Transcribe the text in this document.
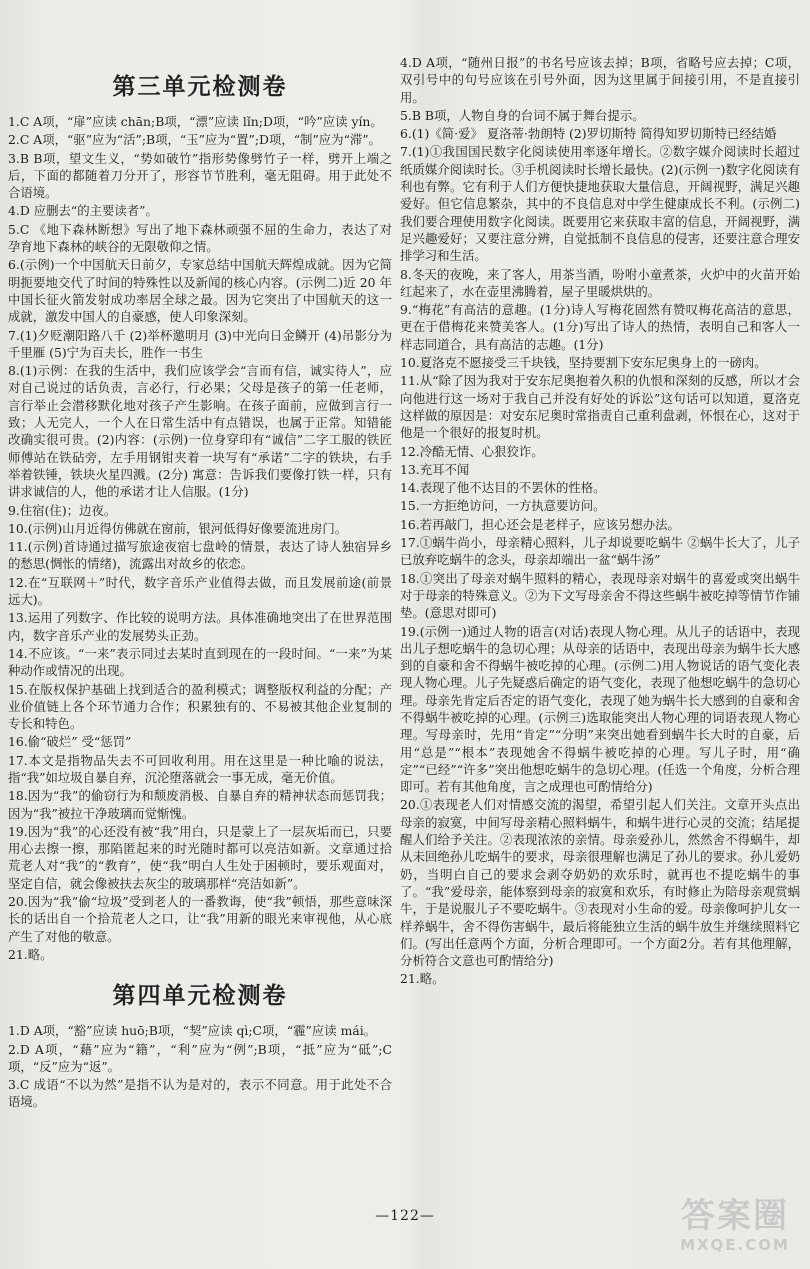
第三单元检测卷
1.C A项，“扉”应读 chān;B项，“漂”应读 lǐn;D项，“吟”应读 yín。
2.C A项，“驱”应为“活”;B项，“玉”应为“置”;D项，“制”应为“滞”。
3.B B项，望文生义，“势如破竹”指形势像劈竹子一样，劈开上端之后，下面的都随着刀分开了，形容节节胜利，毫无阻碍。用于此处不合语境。
4.D 应删去“的主要读者”。
5.C 《地下森林断想》写出了地下森林顽强不屈的生命力，表达了对孕育地下森林的峡谷的无限敬仰之情。
6.(示例)一个中国航天日前夕，专家总结中国航天辉煌成就。因为它简明扼要地交代了时间的特殊性以及新闻的核心内容。(示例二)近 20 年中国长征火箭发射成功率居全球之最。因为它突出了中国航天的这一成就，激发中国人的自豪感，使人印象深刻。
7.(1)夕贬潮阳路八千 (2)举杯邀明月 (3)中光向日金鳞开 (4)吊影分为千里雁 (5)宁为百夫长，胜作一书生
8.(1)示例：在我的生活中，我们应该学会“言而有信，诚实待人”，应对自己说过的话负责，言必行，行必果；父母是孩子的第一任老师，言行举止会潜移默化地对孩子产生影响。在孩子面前，应做到言行一致；人无完人，一个人在日常生活中有点错误，也属于正常。知错能改确实很可贵。(2)内容：(示例)一位身穿印有“诚信”二字工服的铁匠师傅站在铁砧旁，左手用钢钳夹着一块写有“承诺”二字的铁块，右手举着铁锤，铁块火星四溅。(2分) 寓意：告诉我们要像打铁一样，只有讲求诚信的人，他的承诺才让人信服。(1分)
9.住宿(住)；边夜。
10.(示例)山月近得仿佛就在窗前，银河低得好像要流进房门。
11.(示例)首诗通过描写旅途夜宿七盘岭的情景，表达了诗人独宿异乡的愁思(惆怅的情绪)，流露出对故乡的依恋。
12.在“互联网＋”时代，数字音乐产业值得去做，而且发展前途(前景远大)。
13.运用了列数字、作比较的说明方法。具体准确地突出了在世界范围内，数字音乐产业的发展势头正劲。
14.不应该。“一来”表示同过去某时直到现在的一段时间。“一来”为某种动作或情况的出现。
15.在版权保护基础上找到适合的盈利模式；调整版权利益的分配；产业价值链上各个环节通力合作；积累独有的、不易被其他企业复制的专长和特色。
16.偷“破烂” 受“惩罚”
17.本文是指物品失去不可回收利用。用在这里是一种比喻的说法，指“我”如垃圾自暴自弃，沉沦堕落就会一事无成，毫无价值。
18.因为“我”的偷窃行为和颓废消极、自暴自弃的精神状态而惩罚我；因为“我”被拉干净玻璃而觉惭愧。
19.因为“我”的心还没有被“我”用白，只是蒙上了一层灰垢而已，只要用心去擦一擦，那陷匿起来的时光随时都可以亮洁如新。文章通过拾荒老人对“我”的“教育”，使“我”明白人生处于困顿时，要乐观面对，坚定自信，就会像被扶去灰尘的玻璃那样“亮洁如新”。
20.因为“我”偷“垃圾”受到老人的一番教诲，使“我”顿悟，那些意味深长的话出自一个拾荒老人之口，让“我”用新的眼光来审视他，从心底产生了对他的敬意。
21.略。
第四单元检测卷
1.D A项，“豁”应读 huō;B项，“契”应读 qì;C项，“霾”应读 mái。
2.D A项，“藉”应为“籍”，“利”应为“例”;B项，“抵”应为“砥”;C项，“反”应为“返”。
3.C 成语“不以为然”是指不认为是对的，表示不同意。用于此处不合语境。
4.D A项，“随州日报”的书名号应该去掉；B项，省略号应去掉；C项，双引号中的句号应该在引号外面，因为这里属于间接引用，不是直接引用。
5.B B项，人物自身的台词不属于舞台提示。
6.(1)《简·爱》 夏洛蒂·勃朗特 (2)罗切斯特 简得知罗切斯特已经结婚
7.(1)①我国国民数字化阅读使用率逐年增长。②数字媒介阅读时长超过纸质媒介阅读时长。③手机阅读时长增长最快。(2)(示例一)数字化阅读有利也有弊。它有利于人们方便快捷地获取大量信息，开阔视野，满足兴趣爱好。但它信息繁杂，其中的不良信息对中学生健康成长不利。(示例二)我们要合理使用数字化阅读。既要用它来获取丰富的信息，开阔视野，满足兴趣爱好；又要注意分辨，自觉抵制不良信息的侵害，还要注意合理安排学习和生活。
8.冬天的夜晚，来了客人，用茶当酒，吩咐小童煮茶，火炉中的火苗开始红起来了，水在壶里沸腾着，屋子里暖烘烘的。
9.“梅花”有高洁的意趣。(1分)诗人写梅花固然有赞叹梅花高洁的意思，更在于借梅花来赞美客人。(1分)写出了诗人的热情，表明自己和客人一样志同道合，具有高洁的志趣。(1分)
10.夏洛克不愿接受三千块钱，坚持要割下安东尼奥身上的一磅肉。
11.从“除了因为我对于安东尼奥抱着久积的仇恨和深刻的反感，所以才会向他进行这一场对于我自己并没有好处的诉讼”这句话可以知道，夏洛克这样做的原因是：对安东尼奥时常指责自己重利盘剥，怀恨在心，这对于他是一个很好的报复时机。
12.冷酷无情、心狠狡诈。
13.充耳不闻
14.表现了他不达目的不罢休的性格。
15.一方拒绝访问，一方执意要访问。
16.若再敲门，担心还会是老样子，应该另想办法。
17.①蜗牛尚小，母亲精心照料，儿子却说要吃蜗牛 ②蜗牛长大了，儿子已放弃吃蜗牛的念头，母亲却端出一盆“蜗牛汤”
18.①突出了母亲对蜗牛照料的精心，表现母亲对蜗牛的喜爱或突出蜗牛对于母亲的特殊意义。②为下文写母亲舍不得这些蜗牛被吃掉等情节作铺垫。(意思对即可)
19.(示例一)通过人物的语言(对话)表现人物心理。从儿子的话语中，表现出儿子想吃蜗牛的急切心理；从母亲的话语中，表现出母亲为蜗牛长大感到的自豪和舍不得蜗牛被吃掉的心理。(示例二)用人物说话的语气变化表现人物心理。儿子先疑惑后确定的语气变化，表现了他想吃蜗牛的急切心理。母亲先肯定后否定的语气变化，表现了她为蜗牛长大感到的自豪和舍不得蜗牛被吃掉的心理。(示例三)选取能突出人物心理的词语表现人物心理。写母亲时，先用“肯定”“分明”来突出她看到蜗牛长大时的自豪，后用“总是”“根本”表现她舍不得蜗牛被吃掉的心理。写儿子时，用“确定”“已经”“许多”突出他想吃蜗牛的急切心理。(任选一个角度，分析合理即可。若有其他角度，言之成理也可酌情给分)
20.①表现老人们对情感交流的渴望，希望引起人们关注。文章开头点出母亲的寂寞，中间写母亲精心照料蜗牛，和蜗牛进行心灵的交流；结尾提醒人们给予关注。②表现浓浓的亲情。母亲爱孙儿，然然舍不得蜗牛，却从未回绝孙儿吃蜗牛的要求，母亲很理解也满足了孙儿的要求。孙儿爱奶奶，当明白自己的要求会剥夺奶奶的欢乐时，就再也不提吃蜗牛的事了。“我”爱母亲，能体察到母亲的寂寞和欢乐，有时修止为陪母亲观赏蜗牛，于是说服儿子不要吃蜗牛。③表现对小生命的爱。母亲像呵护儿女一样养蜗牛，舍不得伤害蜗牛，最后将能独立生活的蜗牛放生并继续照料它们。(写出任意两个方面，分析合理即可。一个方面2分。若有其他理解，分析符合文意也可酌情给分)
21.略。
—122—	答案圈
MXQE.COM
